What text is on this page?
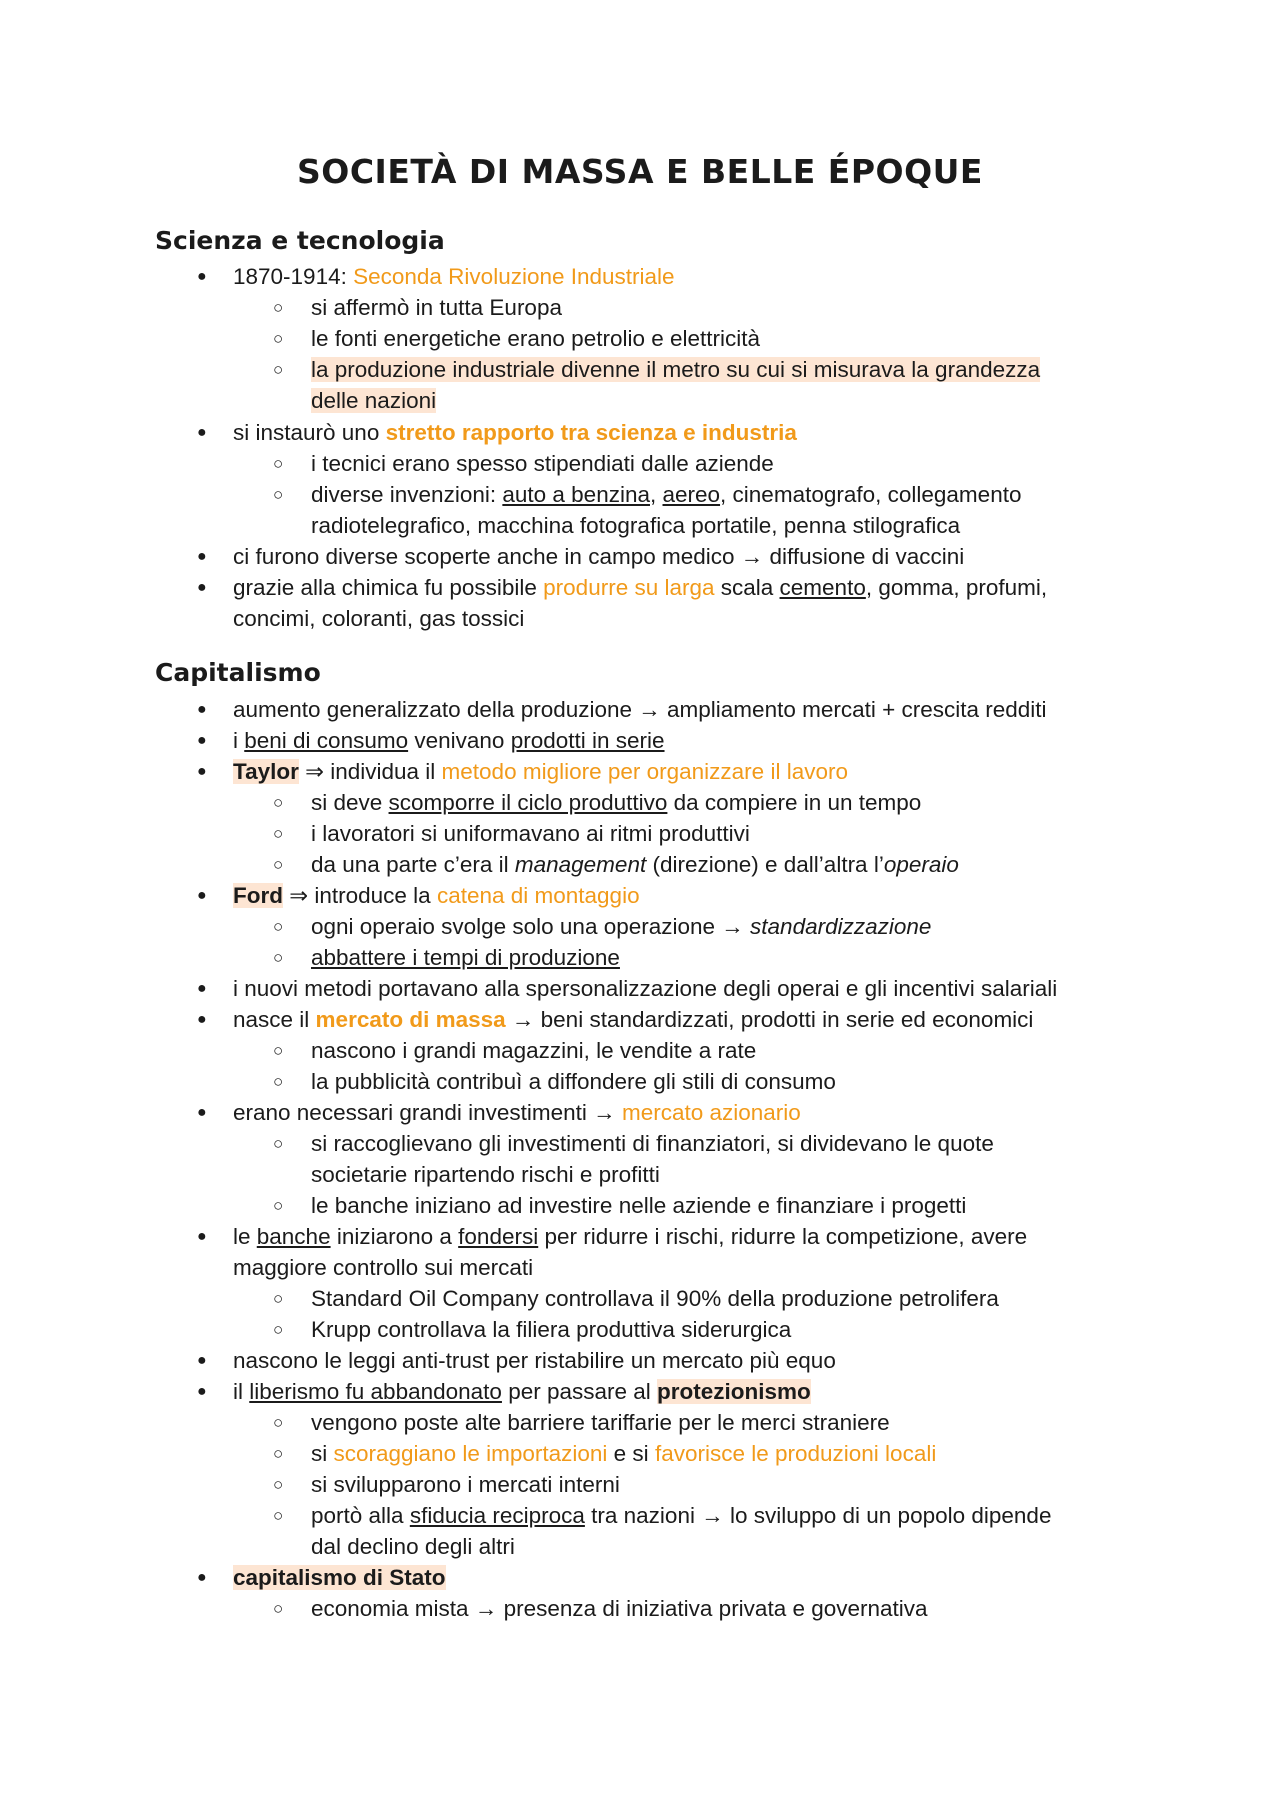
SOCIETÀ DI MASSA E BELLE ÉPOQUE
Scienza e tecnologia
● 1870-1914: Seconda Rivoluzione Industriale
○ si affermò in tutta Europa
○ le fonti energetiche erano petrolio e elettricità
○ la produzione industriale divenne il metro su cui si misurava la grandezza
delle nazioni
● si instaurò uno stretto rapporto tra scienza e industria
○ i tecnici erano spesso stipendiati dalle aziende
○ diverse invenzioni: auto a benzina, aereo, cinematografo, collegamento
radiotelegrafico, macchina fotografica portatile, penna stilografica
● ci furono diverse scoperte anche in campo medico → diffusione di vaccini
● grazie alla chimica fu possibile produrre su larga scala cemento, gomma, profumi,
concimi, coloranti, gas tossici
Capitalismo
● aumento generalizzato della produzione → ampliamento mercati + crescita redditi
● i beni di consumo venivano prodotti in serie
● Taylor ⇒ individua il metodo migliore per organizzare il lavoro
○ si deve scomporre il ciclo produttivo da compiere in un tempo
○ i lavoratori si uniformavano ai ritmi produttivi
○ da una parte c’era il management (direzione) e dall’altra l’operaio
● Ford ⇒ introduce la catena di montaggio
○ ogni operaio svolge solo una operazione → standardizzazione
○ abbattere i tempi di produzione
● i nuovi metodi portavano alla spersonalizzazione degli operai e gli incentivi salariali
● nasce il mercato di massa → beni standardizzati, prodotti in serie ed economici
○ nascono i grandi magazzini, le vendite a rate
○ la pubblicità contribuì a diffondere gli stili di consumo
● erano necessari grandi investimenti → mercato azionario
○ si raccoglievano gli investimenti di finanziatori, si dividevano le quote
societarie ripartendo rischi e profitti
○ le banche iniziano ad investire nelle aziende e finanziare i progetti
● le banche iniziarono a fondersi per ridurre i rischi, ridurre la competizione, avere
maggiore controllo sui mercati
○ Standard Oil Company controllava il 90% della produzione petrolifera
○ Krupp controllava la filiera produttiva siderurgica
● nascono le leggi anti-trust per ristabilire un mercato più equo
● il liberismo fu abbandonato per passare al protezionismo
○ vengono poste alte barriere tariffarie per le merci straniere
○ si scoraggiano le importazioni e si favorisce le produzioni locali
○ si svilupparono i mercati interni
○ portò alla sfiducia reciproca tra nazioni → lo sviluppo di un popolo dipende
dal declino degli altri
● capitalismo di Stato
○ economia mista → presenza di iniziativa privata e governativa
